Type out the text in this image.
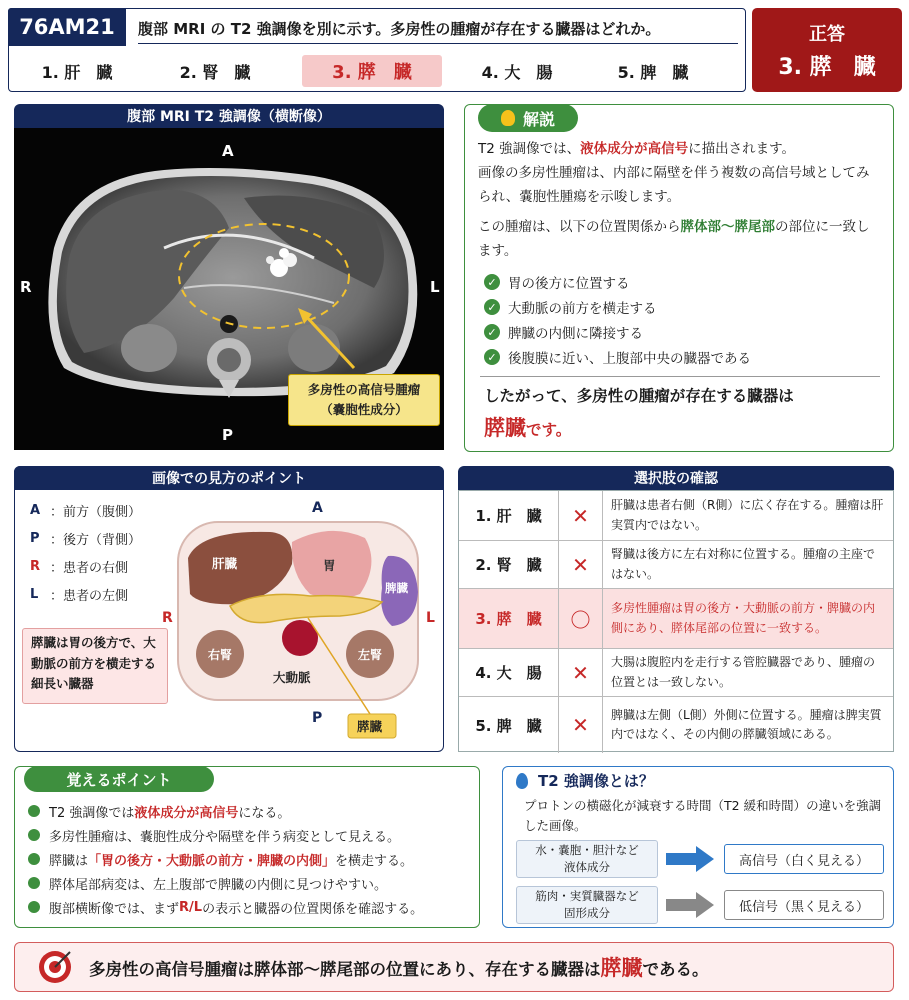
76AM21	腹部 MRI の T2 強調像を別に示す。多房性の腫瘤が存在する臓器はどれか。
1. 肝　臓	2. 腎　臓	3. 膵　臓	4. 大　腸	5. 脾　臓
正答
3. 膵　臓
腹部 MRI T2 強調像（横断像）
A
P
R	L
多房性の高信号腫瘤
（嚢胞性成分）
解説
T2 強調像では、液体成分が高信号に描出されます。
画像の多房性腫瘤は、内部に隔壁を伴う複数の高信号域としてみられ、嚢胞性腫瘍を示唆します。
この腫瘤は、以下の位置関係から膵体部〜膵尾部の部位に一致します。
✓ 胃の後方に位置する
✓ 大動脈の前方を横走する
✓ 脾臓の内側に隣接する
✓ 後腹膜に近い、上腹部中央の臓器である
したがって、多房性の腫瘤が存在する臓器は
膵臓です。
画像での見方のポイント
A ：前方（腹側）
P ：後方（背側）
R ：患者の右側
L ：患者の左側
膵臓は胃の後方で、大動脈の前方を横走する細長い臓器
A
P
R	L
肝臓	胃
脾臓
右腎	左腎
大動脈
膵臓
選択肢の確認
1. 肝　臓	✕	肝臓は患者右側（R側）に広く存在する。腫瘤は肝実質内ではない。
2. 腎　臓	✕	腎臓は後方に左右対称に位置する。腫瘤の主座ではない。
3. 膵　臓	〇	多房性腫瘤は胃の後方・大動脈の前方・脾臓の内側にあり、膵体尾部の位置に一致する。
4. 大　腸	✕	大腸は腹腔内を走行する管腔臓器であり、腫瘤の位置とは一致しない。
5. 脾　臓	✕	脾臓は左側（L側）外側に位置する。腫瘤は脾実質内ではなく、その内側の膵臓領域にある。
覚えるポイント
T2 強調像では 液体成分が高信号 になる。
多房性腫瘤は、嚢胞性成分や隔壁を伴う病変として見える。
膵臓は 「胃の後方・大動脈の前方・脾臓の内側」 を横走する。
膵体尾部病変は、左上腹部で脾臓の内側に見つけやすい。
腹部横断像では、まず R/L の表示と臓器の位置関係を確認する。
T2 強調像とは？
プロトンの横磁化が減衰する時間（T2 緩和時間）の違いを強調した画像。
水・嚢胞・胆汁など
液体成分	高信号（白く見える）
筋肉・実質臓器など
固形成分	低信号（黒く見える）
多房性の高信号腫瘤は膵体部〜膵尾部の位置にあり、存在する臓器は膵臓である。
